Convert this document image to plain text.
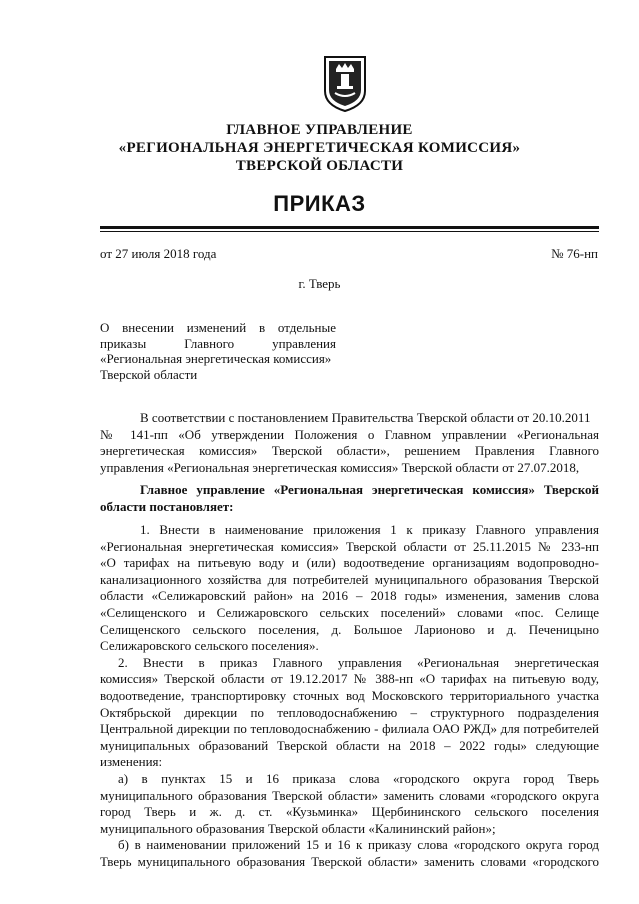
ГЛАВНОЕ УПРАВЛЕНИЕ
«РЕГИОНАЛЬНАЯ ЭНЕРГЕТИЧЕСКАЯ КОМИССИЯ»
ТВЕРСКОЙ ОБЛАСТИ
ПРИКАЗ
от 27 июля 2018 года	№ 76-нп
г. Тверь
О внесении изменений в отдельные
приказы Главного управления
«Региональная энергетическая комиссия»
Тверской области
В соответствии с постановлением Правительства Тверской области от 20.10.2011
№ 141-пп «Об утверждении Положения о Главном управлении «Региональная
энергетическая комиссия» Тверской области», решением Правления Главного
управления «Региональная энергетическая комиссия» Тверской области от 27.07.2018,
Главное управление «Региональная энергетическая комиссия» Тверской
области постановляет:
1. Внести в наименование приложения 1 к приказу Главного управления
«Региональная энергетическая комиссия» Тверской области от 25.11.2015 № 233-нп
«О тарифах на питьевую воду и (или) водоотведение организациям водопроводно-
канализационного хозяйства для потребителей муниципального образования Тверской
области «Селижаровский район» на 2016 – 2018 годы» изменения, заменив слова
«Селищенского и Селижаровского сельских поселений» словами «пос. Селище
Селищенского сельского поселения, д. Большое Ларионово и д. Печеницыно
Селижаровского сельского поселения».
2. Внести в приказ Главного управления «Региональная энергетическая
комиссия» Тверской области от 19.12.2017 № 388-нп «О тарифах на питьевую воду,
водоотведение, транспортировку сточных вод Московского территориального участка
Октябрьской дирекции по тепловодоснабжению – структурного подразделения
Центральной дирекции по тепловодоснабжению - филиала ОАО РЖД» для потребителей
муниципальных образований Тверской области на 2018 – 2022 годы» следующие
изменения:
а) в пунктах 15 и 16 приказа слова «городского округа город Тверь
муниципального образования Тверской области» заменить словами «городского округа
город Тверь и ж. д. ст. «Кузьминка» Щербининского сельского поселения
муниципального образования Тверской области «Калининский район»;
б) в наименовании приложений 15 и 16 к приказу слова «городского округа город
Тверь муниципального образования Тверской области» заменить словами «городского
